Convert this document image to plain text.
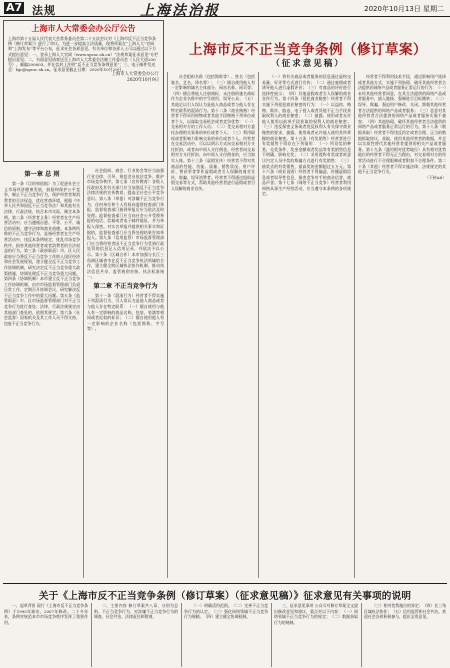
A7 法规	上海法治报	2020年10月13日 星期二
上海市人大常委会办公厅公告

上海市第十五届人民代表大会常务委员会第二十五次会议对《上海市反不正当竞争条例（修订草案）》进行了审议。为进一步提高立法质量，现将草案在“上海人大”官网和“上海发布”等平台公布，征求社会各界意见。有关单位和各界人士可以通过以下方式提出意见：一、登录上海人大官网（www.spcsc.sh.cn）“法规草案征求意见”专栏提出意见；二、书面意见请寄送至上海市人大常委会法制工作委员会（人民大道200号），邮编200003，并在信封上注明“反不正当竞争条例意见”；三、电子邮件发送至：fgc@spcsc.sh.cn。征求意见截止日期：2020年10月29日。

上海市人大常委会办公厅

2020年10月9日

上海市反不正当竞争条例（修订草案）
（征求意见稿）

第一章 总 则

第一条（目的和依据）为了促进社会主义市场经济健康发展，鼓励和保护公平竞争，制止不正当竞争行为，保护经营者和消费者的合法权益，优化营商环境，根据《中华人民共和国反不正当竞争法》和其他有关法律、行政法规，结合本市实际，制定本条例。第二条（经营者义务）经营者在生产经营活动中，应当遵循自愿、平等、公平、诚信的原则，遵守法律和商业道德。本条例所称的不正当竞争行为，是指经营者在生产经营活动中，违反本条例规定，扰乱市场竞争秩序，损害其他经营者或者消费者的合法权益的行为。第三条（政府职责）市、区人民政府应当将反不正当竞争工作纳入国民经济和社会发展规划，建立健全反不正当竞争工作协调机制，研究决定反不正当竞争重大政策措施，协调处理反不正当竞争重大问题。第四条（协调机制）本市建立反不正当竞争工作协调机制，由市市场监督管理部门负责日常工作，定期召开协调会议，研究解决反不正当竞争工作中的重大问题。第五条（监管职责）市、区市场监督管理部门对不正当竞争行为进行查处；法律、行政法规规定由其他部门查处的，依照其规定。第六条（社会监督）国家机关及其工作人员不得支持、包庇不正当竞争行为。

社会组织、商会、行业协会等应当加强行业自律，引导、规范会员依法竞争，维护市场竞争秩序。第七条（宣传教育）各级人民政府及其有关部门应当加强反不正当竞争法律法规的宣传教育，提高全社会公平竞争意识。第八条（举报）对涉嫌不正当竞争行为，任何单位和个人有权向监督检查部门举报，监督检查部门接到举报后应当依法及时处理。监督检查部门应当向社会公开受理举报的电话、信箱或者电子邮件地址，并为举报人保密。对实名举报并提供相关事实和证据的，监督检查部门应当将处理结果告知举报人。第九条（信用监管）市场监督管理部门应当将经营者因不正当竞争行为受到行政处罚的信息记入信用记录，并依法予以公示。第十条（区域合作）本市加强与长江三角洲区域省市在反不正当竞争执法领域的合作，建立健全跨区域执法协作机制，推动执法信息共享、监管规则对接、执法标准统一。

第二章 不正当竞争行为

第十一条（混淆行为）经营者不得实施下列混淆行为，引人误认为是他人商品或者与他人存在特定联系：（一）擅自使用与他人有一定影响的商品名称、包装、装潢等相同或者近似的标识；（二）擅自使用他人有一定影响的企业名称（包括简称、字号等）。

社会组织名称（包括简称等）、姓名（包括笔名、艺名、译名等）；（三）擅自使用他人有一定影响的域名主体部分、网站名称、网页等；（四）擅自将他人注册商标、未注册的驰名商标作为企业名称中的字号使用，误导公众；（五）其他足以引人误认为是他人商品或者与他人存在特定联系的混淆行为。第十二条（商业贿赂）经营者不得采用财物或者其他手段贿赂下列单位或者个人，以谋取交易机会或者竞争优势：（一）交易相对方的工作人员；（二）受交易相对方委托办理相关事务的单位或者个人；（三）利用职权或者影响力影响交易的单位或者个人。经营者在交易活动中，可以以明示方式向交易相对方支付折扣，或者向中间人支付佣金。经营者向交易相对方支付折扣、向中间人支付佣金的，应当如实入账。第十三条（虚假宣传）经营者不得对其商品的性能、功能、质量、销售状况、用户评价、曾获荣誉等作虚假或者引人误解的商业宣传，欺骗、误导消费者。经营者不得通过组织虚假交易等方式，帮助其他经营者进行虚假或者引人误解的商业宣传。

（一）将有关商品或者服务的信息通过虚构交易量、好评等方式进行宣传；（二）通过雇佣或者诱导他人进行虚假评价；（三）对商品的评价进行选择性展示；（四）其他虚假或者引人误解的商业宣传行为。第十四条（侵犯商业秘密）经营者不得实施下列侵犯商业秘密的行为：（一）以盗窃、贿赂、欺诈、胁迫、电子侵入或者其他不正当手段获取权利人的商业秘密；（二）披露、使用或者允许他人使用以前项手段获取的权利人的商业秘密；（三）违反保密义务或者违反权利人有关保守商业秘密的要求，披露、使用或者允许他人使用其所掌握的商业秘密。第十五条（有奖销售）经营者进行有奖销售不得存在下列情形：（一）所设奖的种类、兑奖条件、奖金金额或者奖品等有奖销售信息不明确，影响兑奖；（二）采用谎称有奖或者故意让内定人员中奖的欺骗方式进行有奖销售；（三）抽奖式的有奖销售，最高奖的金额超过五万元。第十六条（商业诋毁）经营者不得编造、传播虚假信息或者误导性信息，损害竞争对手的商业信誉、商品声誉。第十七条（网络不正当竞争）经营者利用网络从事生产经营活动，应当遵守本条例的各项规定。

经营者不得利用技术手段，通过影响用户选择或者其他方式，实施下列妨碍、破坏其他经营者合法提供的网络产品或者服务正常运行的行为：（一）未经其他经营者同意，在其合法提供的网络产品或者服务中，插入链接、强制进行目标跳转；（二）误导、欺骗、强迫用户修改、关闭、卸载其他经营者合法提供的网络产品或者服务；（三）恶意对其他经营者合法提供的网络产品或者服务实施不兼容；（四）其他妨碍、破坏其他经营者合法提供的网络产品或者服务正常运行的行为。第十八条（数据获取）经营者不得违反约定或者合理、正当的数据抓取协议，获取、使用其他经营者的数据，并足以实质性替代其他经营者提供的相关产品或者服务。第十九条（滥用相对优势地位）具有相对优势地位的经营者不得无正当理由，对交易相对方的经营活动进行不合理限制或者附加不合理条件。第二十条（其他）经营者不得实施法律、法规规定的其他不正当竞争行为。

（下转A8）

关于《上海市反不正当竞争条例（修订草案）（征求意见稿）》征求意见有关事项的说明

一、起草背景 现行《上海市反不正当竞争条例》于1995年颁布，2007年修改。二十多年来，条例对规范本市市场竞争秩序发挥了重要作用。

二、主要内容 修订草案共八章，分别为总则、不正当竞争行为、对涉嫌不正当竞争行为的调查、社会共治、法律责任和附则。

（一）明确适用范围。（二）完善不正当竞争行为的认定。（三）强化网络领域不正当竞争行为规制。（四）建立健全协调机制。

三、征求意见事项 公众可对修订草案全文提出修改意见和建议，重点对以下内容：（一）网络领域不正当竞争行为的规定；（二）数据获取行为的规制。

（三）相对优势地位的界定；（四）长三角区域执法协作；（五）信用监管和社会共治。欢迎社会各界积极参与，提出宝贵意见。
